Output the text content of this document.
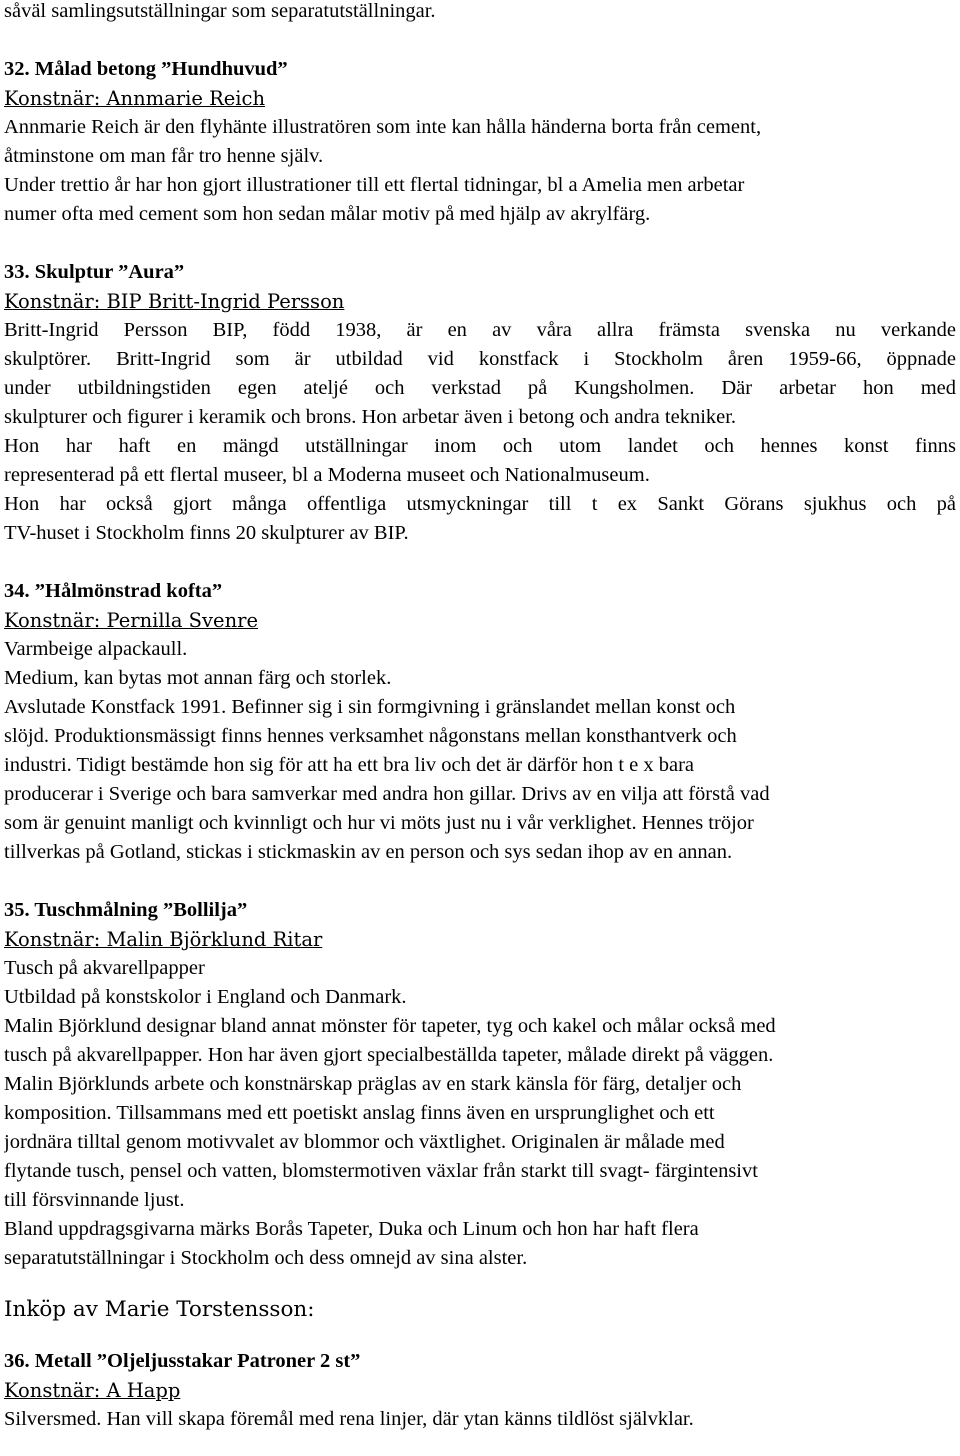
såväl samlingsutställningar som separatutställningar.
32. Målad betong ”Hundhuvud”
Konstnär: Annmarie Reich
Annmarie Reich är den flyhänte illustratören som inte kan hålla händerna borta från cement,
åtminstone om man får tro henne själv.
Under trettio år har hon gjort illustrationer till ett flertal tidningar, bl a Amelia men arbetar
numer ofta med cement som hon sedan målar motiv på med hjälp av akrylfärg.
33. Skulptur ”Aura”
Konstnär: BIP Britt-Ingrid Persson
Britt-Ingrid Persson BIP, född 1938, är en av våra allra främsta svenska nu verkande
skulptörer. Britt-Ingrid som är utbildad vid konstfack i Stockholm åren 1959-66, öppnade
under utbildningstiden egen ateljé och verkstad på Kungsholmen. Där arbetar hon med
skulpturer och figurer i keramik och brons. Hon arbetar även i betong och andra tekniker.
Hon har haft en mängd utställningar inom och utom landet och hennes konst finns
representerad på ett flertal museer, bl a Moderna museet och Nationalmuseum.
Hon har också gjort många offentliga utsmyckningar till t ex Sankt Görans sjukhus och på
TV-huset i Stockholm finns 20 skulpturer av BIP.
34. ”Hålmönstrad kofta”
Konstnär: Pernilla Svenre
Varmbeige alpackaull.
Medium, kan bytas mot annan färg och storlek.
Avslutade Konstfack 1991. Befinner sig i sin formgivning i gränslandet mellan konst och
slöjd. Produktionsmässigt finns hennes verksamhet någonstans mellan konsthantverk och
industri. Tidigt bestämde hon sig för att ha ett bra liv och det är därför hon t e x bara
producerar i Sverige och bara samverkar med andra hon gillar. Drivs av en vilja att förstå vad
som är genuint manligt och kvinnligt och hur vi möts just nu i vår verklighet. Hennes tröjor
tillverkas på Gotland, stickas i stickmaskin av en person och sys sedan ihop av en annan.
35. Tuschmålning ”Bollilja”
Konstnär: Malin Björklund Ritar
Tusch på akvarellpapper
Utbildad på konstskolor i England och Danmark.
Malin Björklund designar bland annat mönster för tapeter, tyg och kakel och målar också med
tusch på akvarellpapper. Hon har även gjort specialbeställda tapeter, målade direkt på väggen.
Malin Björklunds arbete och konstnärskap präglas av en stark känsla för färg, detaljer och
komposition. Tillsammans med ett poetiskt anslag finns även en ursprunglighet och ett
jordnära tilltal genom motivvalet av blommor och växtlighet. Originalen är målade med
flytande tusch, pensel och vatten, blomstermotiven växlar från starkt till svagt- färgintensivt
till försvinnande ljust.
Bland uppdragsgivarna märks Borås Tapeter, Duka och Linum och hon har haft flera
separatutställningar i Stockholm och dess omnejd av sina alster.
Inköp av Marie Torstensson:
36. Metall ”Oljeljusstakar Patroner 2 st”
Konstnär: A Happ
Silversmed. Han vill skapa föremål med rena linjer, där ytan känns tildlöst självklar.
